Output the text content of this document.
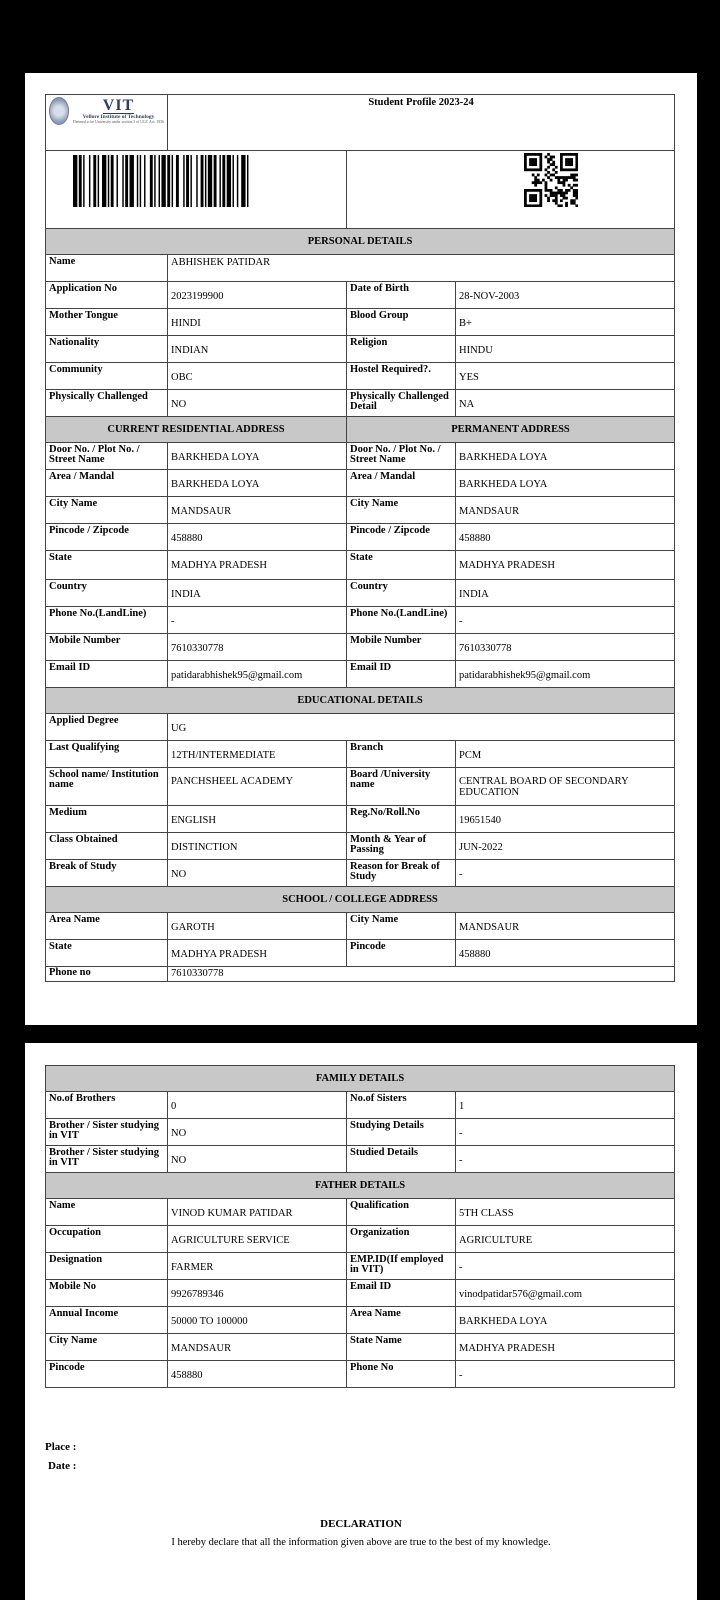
VIT
Vellore Institute of Technology
Deemed to be University under section 3 of UGC Act, 1956	Student Profile 2023-24		

PERSONAL DETAILS			
Name	ABHISHEK PATIDAR		
Application No	2023199900	Date of Birth	28-NOV-2003
Mother Tongue	HINDI	Blood Group	B+
Nationality	INDIAN	Religion	HINDU
Community	OBC	Hostel Required?.	YES
Physically Challenged	NO	Physically Challenged Detail	NA
CURRENT RESIDENTIAL ADDRESS		PERMANENT ADDRESS	
Door No. / Plot No. / Street Name	BARKHEDA LOYA	Door No. / Plot No. / Street Name	BARKHEDA LOYA
Area / Mandal	BARKHEDA LOYA	Area / Mandal	BARKHEDA LOYA
City Name	MANDSAUR	City Name	MANDSAUR
Pincode / Zipcode	458880	Pincode / Zipcode	458880
State	MADHYA PRADESH	State	MADHYA PRADESH
Country	INDIA	Country	INDIA
Phone No.(LandLine)	-	Phone No.(LandLine)	-
Mobile Number	7610330778	Mobile Number	7610330778
Email ID	patidarabhishek95@gmail.com	Email ID	patidarabhishek95@gmail.com
EDUCATIONAL DETAILS			
Applied Degree	UG		
Last Qualifying	12TH/INTERMEDIATE	Branch	PCM
School name/ Institution name	PANCHSHEEL ACADEMY	Board /University name	CENTRAL BOARD OF SECONDARY EDUCATION
Medium	ENGLISH	Reg.No/Roll.No	19651540
Class Obtained	DISTINCTION	Month & Year of Passing	JUN-2022
Break of Study	NO	Reason for Break of Study	-
SCHOOL / COLLEGE ADDRESS			
Area Name	GAROTH	City Name	MANDSAUR
State	MADHYA PRADESH	Pincode	458880
Phone no	7610330778		
FAMILY DETAILS			
No.of Brothers	0	No.of Sisters	1
Brother / Sister studying in VIT	NO	Studying Details	-
Brother / Sister studying in VIT	NO	Studied Details	-
FATHER DETAILS			
Name	VINOD KUMAR PATIDAR	Qualification	5TH CLASS
Occupation	AGRICULTURE SERVICE	Organization	AGRICULTURE
Designation	FARMER	EMP.ID(If employed in VIT)	-
Mobile No	9926789346	Email ID	vinodpatidar576@gmail.com
Annual Income	50000 TO 100000	Area Name	BARKHEDA LOYA
City Name	MANDSAUR	State Name	MADHYA PRADESH
Pincode	458880	Phone No	-
Place :
Date :
DECLARATION
I hereby declare that all the information given above are true to the best of my knowledge.
